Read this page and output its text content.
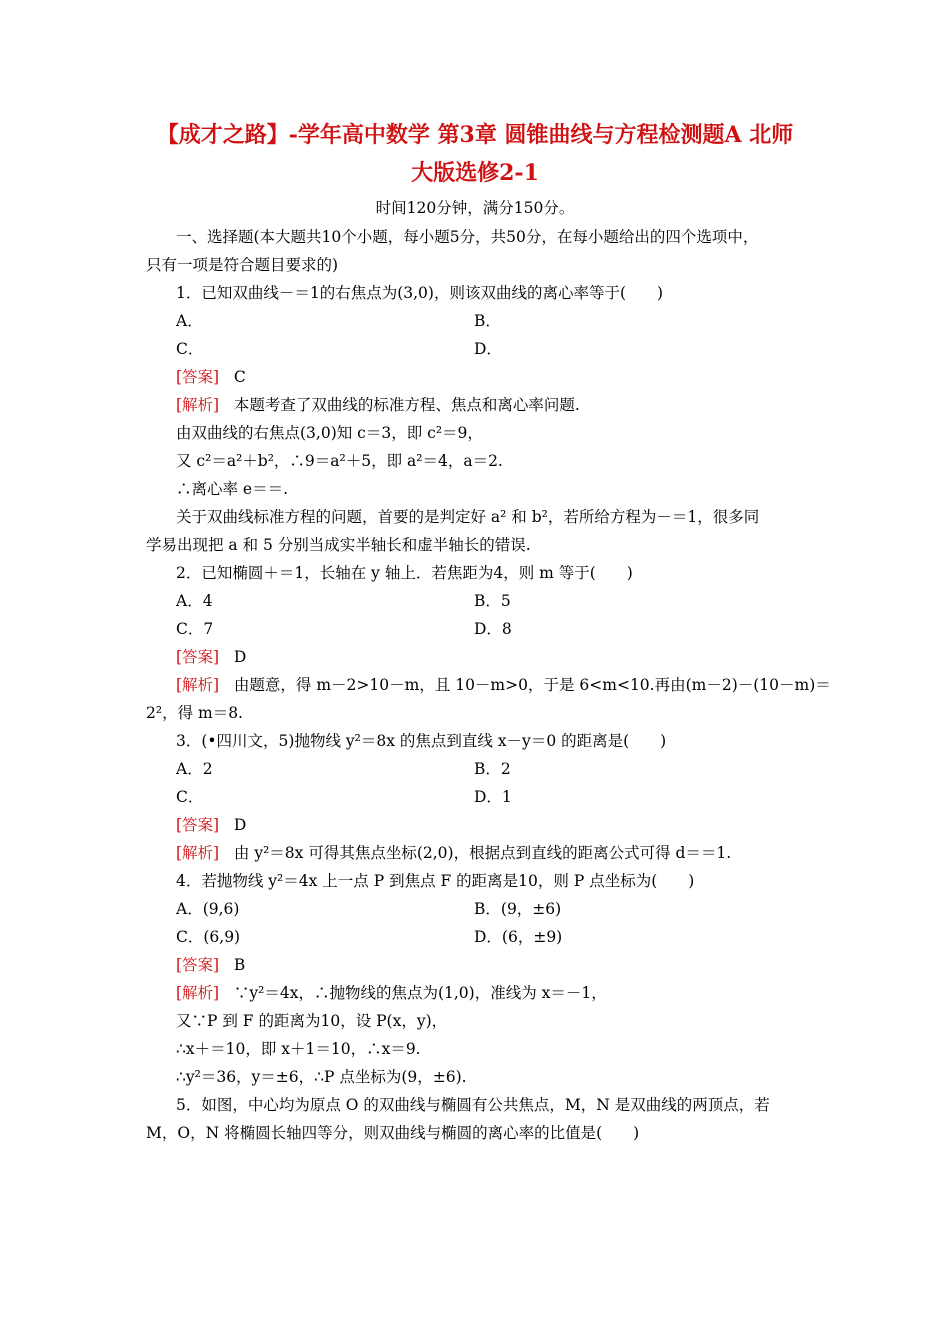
【成才之路】-学年高中数学 第3章 圆锥曲线与方程检测题A 北师
大版选修2-1
时间120分钟，满分150分。
一、选择题(本大题共10个小题，每小题5分，共50分，在每小题给出的四个选项中，
只有一项是符合题目要求的)
1．已知双曲线－＝1的右焦点为(3,0)，则该双曲线的离心率等于(　　)
A．	B．
C．	D．
[答案] C
[解析] 本题考查了双曲线的标准方程、焦点和离心率问题.
由双曲线的右焦点(3,0)知 c＝3，即 c²＝9，
又 c²＝a²＋b²，∴9＝a²＋5，即 a²＝4，a＝2.
∴离心率 e＝＝.
关于双曲线标准方程的问题，首要的是判定好 a² 和 b²，若所给方程为－＝1，很多同
学易出现把 a 和 5 分别当成实半轴长和虚半轴长的错误.
2．已知椭圆＋＝1，长轴在 y 轴上．若焦距为4，则 m 等于(　　)
A．4	B．5
C．7	D．8
[答案] D
[解析] 由题意，得 m－2>10－m，且 10－m>0，于是 6<m<10.再由(m－2)－(10－m)＝
2²，得 m＝8.
3．(•四川文，5)抛物线 y²＝8x 的焦点到直线 x－y＝0 的距离是(　　)
A．2	B．2
C．	D．1
[答案] D
[解析] 由 y²＝8x 可得其焦点坐标(2,0)，根据点到直线的距离公式可得 d＝＝1.
4．若抛物线 y²＝4x 上一点 P 到焦点 F 的距离是10，则 P 点坐标为(　　)
A．(9,6)	B．(9，±6)
C．(6,9)	D．(6，±9)
[答案] B
[解析] ∵y²＝4x，∴抛物线的焦点为(1,0)，准线为 x＝－1，
又∵P 到 F 的距离为10，设 P(x，y)，
∴x＋＝10，即 x＋1＝10，∴x＝9.
∴y²＝36，y＝±6，∴P 点坐标为(9，±6).
5．如图，中心均为原点 O 的双曲线与椭圆有公共焦点，M，N 是双曲线的两顶点，若
M，O，N 将椭圆长轴四等分，则双曲线与椭圆的离心率的比值是(　　)
